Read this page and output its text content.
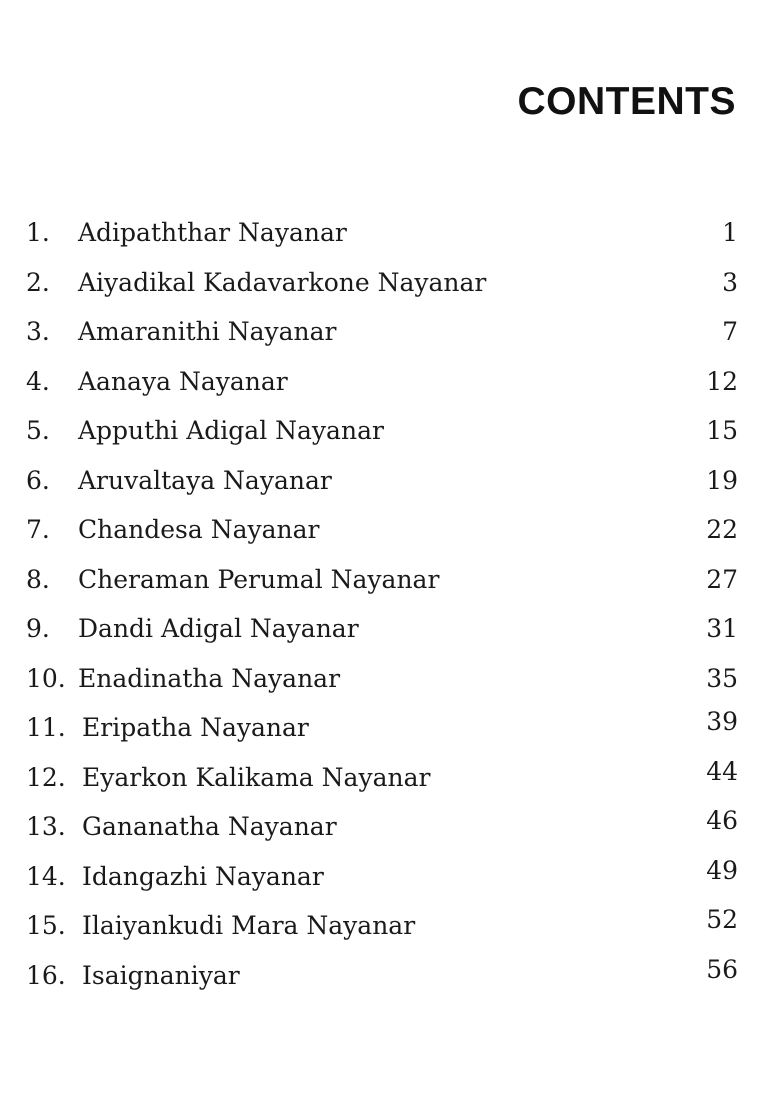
CONTENTS
1.	Adipaththar Nayanar	1
2.	Aiyadikal Kadavarkone Nayanar	3
3.	Amaranithi Nayanar	7
4.	Aanaya Nayanar	12
5.	Apputhi Adigal Nayanar	15
6.	Aruvaltaya Nayanar	19
7.	Chandesa Nayanar	22
8.	Cheraman Perumal Nayanar	27
9.	Dandi Adigal Nayanar	31
10. Enadinatha Nayanar	35
11. Eripatha Nayanar	39
12. Eyarkon Kalikama Nayanar	44
13. Gananatha Nayanar	46
14. Idangazhi Nayanar	49
15. Ilaiyankudi Mara Nayanar	52
16. Isaignaniyar	56
